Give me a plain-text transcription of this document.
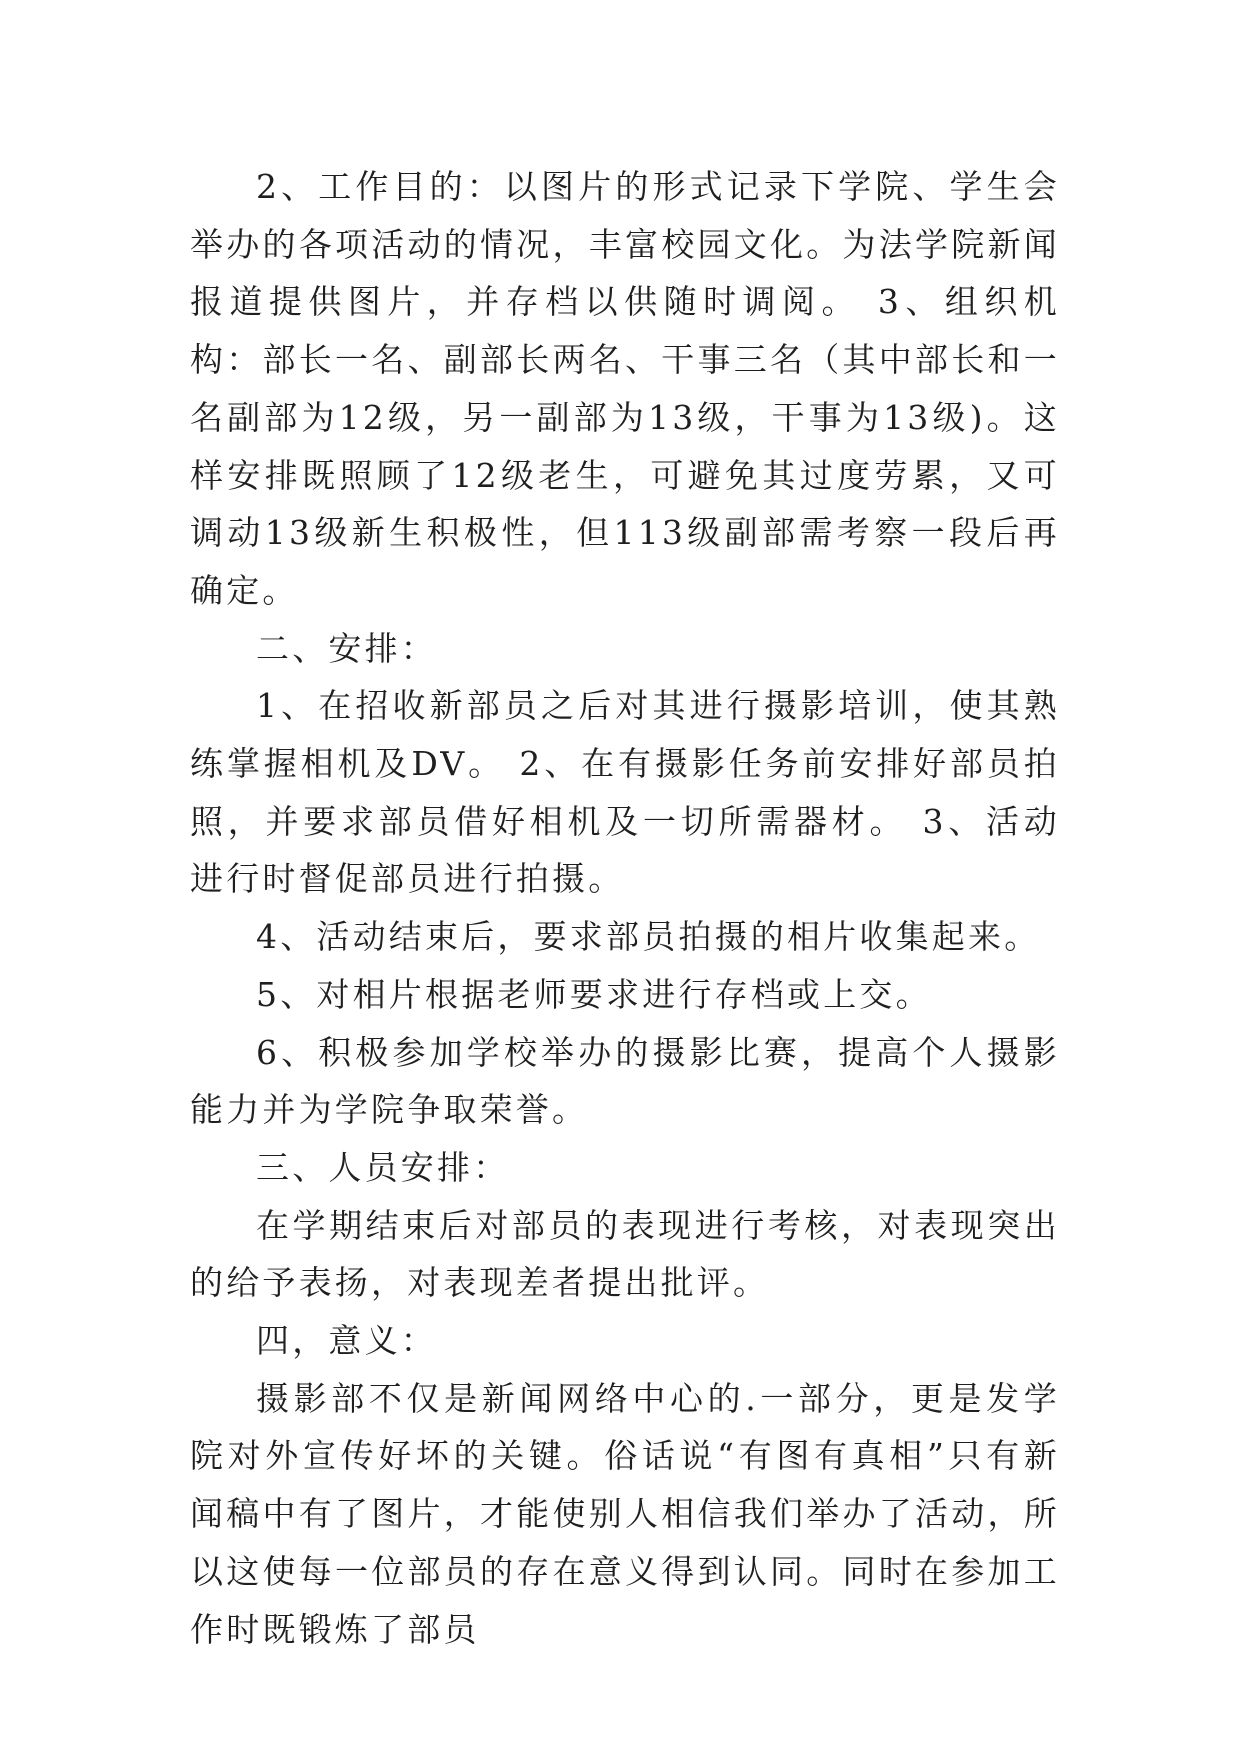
2、工作目的：以图片的形式记录下学院、学生会举办的各项活动的情况，丰富校园文化。为法学院新闻报道提供图片，并存档以供随时调阅。 3、组织机构：部长一名、副部长两名、干事三名（其中部长和一名副部为12级，另一副部为13级，干事为13级)。这样安排既照顾了12级老生，可避免其过度劳累，又可调动13级新生积极性，但113级副部需考察一段后再确定。

二、安排：

1、在招收新部员之后对其进行摄影培训，使其熟练掌握相机及DV。 2、在有摄影任务前安排好部员拍照，并要求部员借好相机及一切所需器材。 3、活动进行时督促部员进行拍摄。

4、活动结束后，要求部员拍摄的相片收集起来。

5、对相片根据老师要求进行存档或上交。

6、积极参加学校举办的摄影比赛，提高个人摄影能力并为学院争取荣誉。

三、人员安排：

在学期结束后对部员的表现进行考核，对表现突出的给予表扬，对表现差者提出批评。

四，意义：

摄影部不仅是新闻网络中心的.一部分，更是发学院对外宣传好坏的关键。俗话说“有图有真相”只有新闻稿中有了图片，才能使别人相信我们举办了活动，所以这使每一位部员的存在意义得到认同。同时在参加工作时既锻炼了部员
